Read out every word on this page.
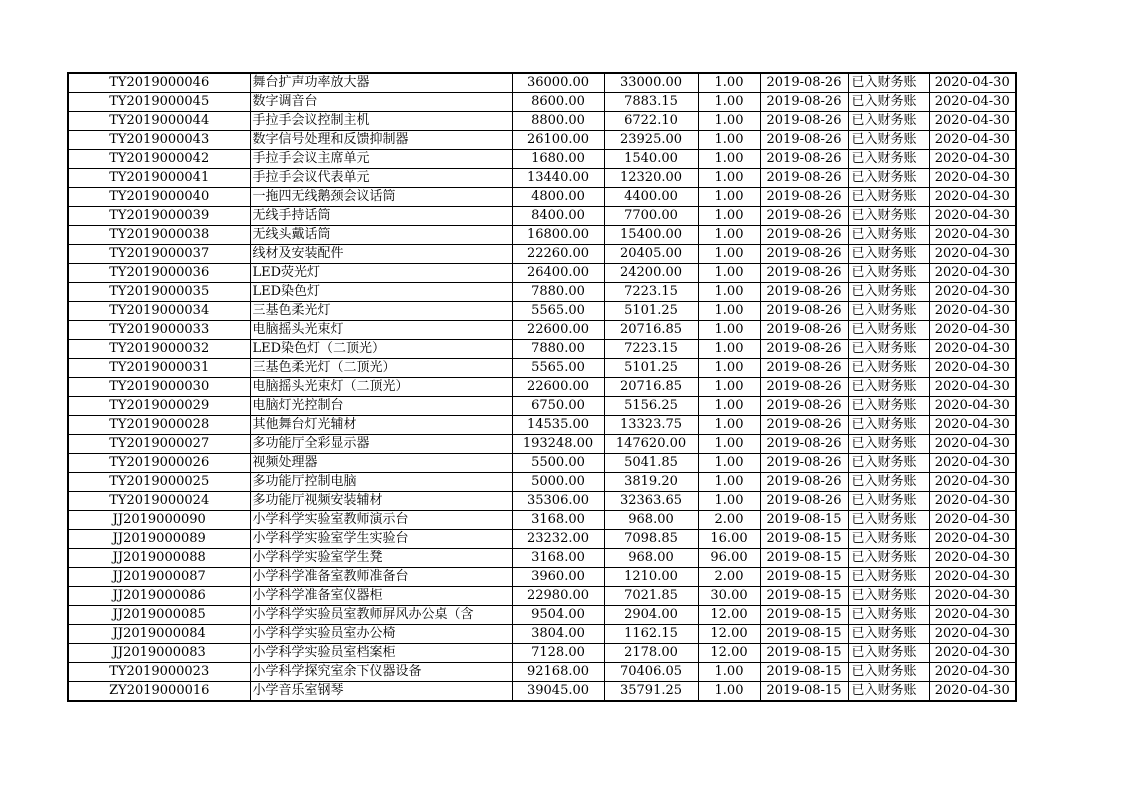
TY2019000046	舞台扩声功率放大器	36000.00	33000.00	1.00	2019-08-26	已入财务账	2020-04-30
TY2019000045	数字调音台	8600.00	7883.15	1.00	2019-08-26	已入财务账	2020-04-30
TY2019000044	手拉手会议控制主机	8800.00	6722.10	1.00	2019-08-26	已入财务账	2020-04-30
TY2019000043	数字信号处理和反馈抑制器	26100.00	23925.00	1.00	2019-08-26	已入财务账	2020-04-30
TY2019000042	手拉手会议主席单元	1680.00	1540.00	1.00	2019-08-26	已入财务账	2020-04-30
TY2019000041	手拉手会议代表单元	13440.00	12320.00	1.00	2019-08-26	已入财务账	2020-04-30
TY2019000040	一拖四无线鹅颈会议话筒	4800.00	4400.00	1.00	2019-08-26	已入财务账	2020-04-30
TY2019000039	无线手持话筒	8400.00	7700.00	1.00	2019-08-26	已入财务账	2020-04-30
TY2019000038	无线头戴话筒	16800.00	15400.00	1.00	2019-08-26	已入财务账	2020-04-30
TY2019000037	线材及安装配件	22260.00	20405.00	1.00	2019-08-26	已入财务账	2020-04-30
TY2019000036	LED荧光灯	26400.00	24200.00	1.00	2019-08-26	已入财务账	2020-04-30
TY2019000035	LED染色灯	7880.00	7223.15	1.00	2019-08-26	已入财务账	2020-04-30
TY2019000034	三基色柔光灯	5565.00	5101.25	1.00	2019-08-26	已入财务账	2020-04-30
TY2019000033	电脑摇头光束灯	22600.00	20716.85	1.00	2019-08-26	已入财务账	2020-04-30
TY2019000032	LED染色灯（二顶光）	7880.00	7223.15	1.00	2019-08-26	已入财务账	2020-04-30
TY2019000031	三基色柔光灯（二顶光）	5565.00	5101.25	1.00	2019-08-26	已入财务账	2020-04-30
TY2019000030	电脑摇头光束灯（二顶光）	22600.00	20716.85	1.00	2019-08-26	已入财务账	2020-04-30
TY2019000029	电脑灯光控制台	6750.00	5156.25	1.00	2019-08-26	已入财务账	2020-04-30
TY2019000028	其他舞台灯光辅材	14535.00	13323.75	1.00	2019-08-26	已入财务账	2020-04-30
TY2019000027	多功能厅全彩显示器	193248.00	147620.00	1.00	2019-08-26	已入财务账	2020-04-30
TY2019000026	视频处理器	5500.00	5041.85	1.00	2019-08-26	已入财务账	2020-04-30
TY2019000025	多功能厅控制电脑	5000.00	3819.20	1.00	2019-08-26	已入财务账	2020-04-30
TY2019000024	多功能厅视频安装辅材	35306.00	32363.65	1.00	2019-08-26	已入财务账	2020-04-30
JJ2019000090	小学科学实验室教师演示台	3168.00	968.00	2.00	2019-08-15	已入财务账	2020-04-30
JJ2019000089	小学科学实验室学生实验台	23232.00	7098.85	16.00	2019-08-15	已入财务账	2020-04-30
JJ2019000088	小学科学实验室学生凳	3168.00	968.00	96.00	2019-08-15	已入财务账	2020-04-30
JJ2019000087	小学科学准备室教师准备台	3960.00	1210.00	2.00	2019-08-15	已入财务账	2020-04-30
JJ2019000086	小学科学准备室仪器柜	22980.00	7021.85	30.00	2019-08-15	已入财务账	2020-04-30
JJ2019000085	小学科学实验员室教师屏风办公桌（含	9504.00	2904.00	12.00	2019-08-15	已入财务账	2020-04-30
JJ2019000084	小学科学实验员室办公椅	3804.00	1162.15	12.00	2019-08-15	已入财务账	2020-04-30
JJ2019000083	小学科学实验员室档案柜	7128.00	2178.00	12.00	2019-08-15	已入财务账	2020-04-30
TY2019000023	小学科学探究室余下仪器设备	92168.00	70406.05	1.00	2019-08-15	已入财务账	2020-04-30
ZY2019000016	小学音乐室钢琴	39045.00	35791.25	1.00	2019-08-15	已入财务账	2020-04-30
